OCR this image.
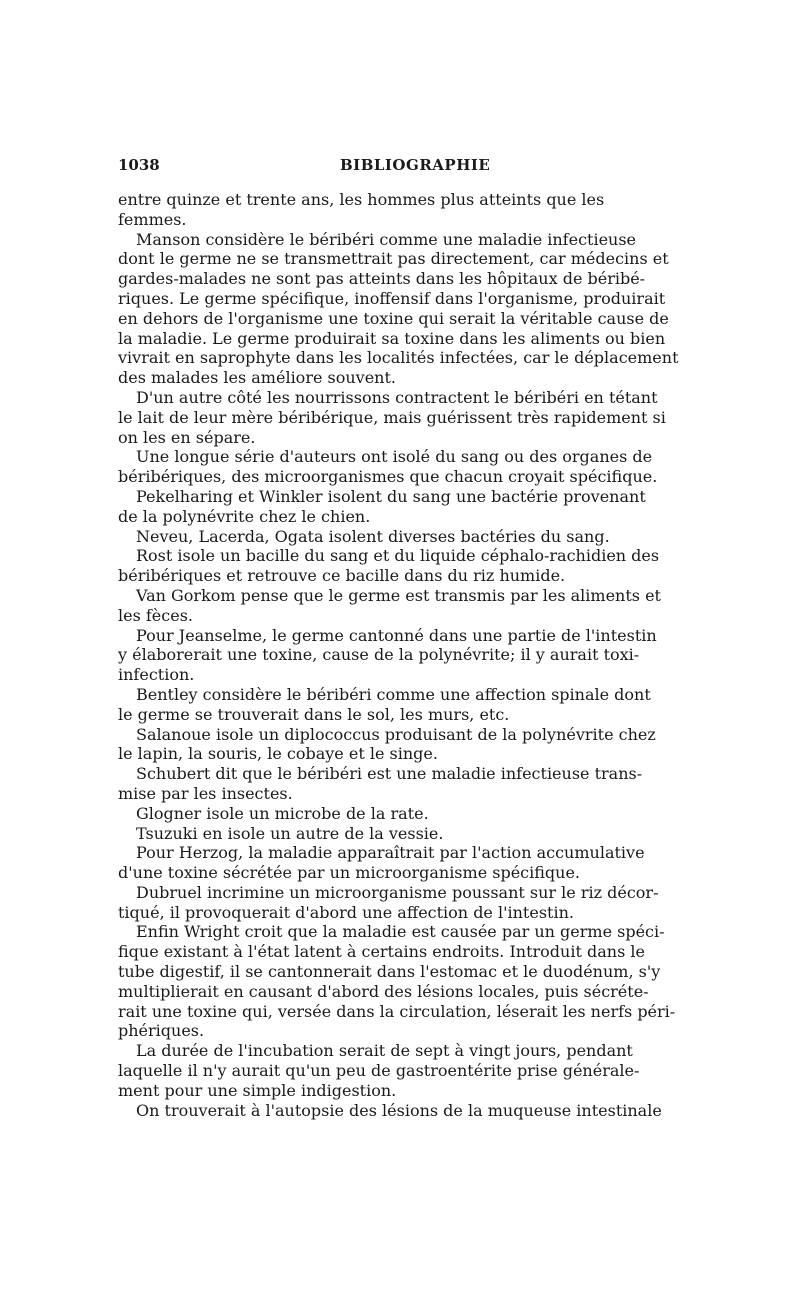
1038	BIBLIOGRAPHIE
entre quinze et trente ans, les hommes plus atteints que les
femmes.
Manson considère le béribéri comme une maladie infectieuse
dont le germe ne se transmettrait pas directement, car médecins et
gardes-malades ne sont pas atteints dans les hôpitaux de béribé-
riques. Le germe spécifique, inoffensif dans l'organisme, produirait
en dehors de l'organisme une toxine qui serait la véritable cause de
la maladie. Le germe produirait sa toxine dans les aliments ou bien
vivrait en saprophyte dans les localités infectées, car le déplacement
des malades les améliore souvent.
D'un autre côté les nourrissons contractent le béribéri en tétant
le lait de leur mère béribérique, mais guérissent très rapidement si
on les en sépare.
Une longue série d'auteurs ont isolé du sang ou des organes de
béribériques, des microorganismes que chacun croyait spécifique.
Pekelharing et Winkler isolent du sang une bactérie provenant
de la polynévrite chez le chien.
Neveu, Lacerda, Ogata isolent diverses bactéries du sang.
Rost isole un bacille du sang et du liquide céphalo-rachidien des
béribériques et retrouve ce bacille dans du riz humide.
Van Gorkom pense que le germe est transmis par les aliments et
les fèces.
Pour Jeanselme, le germe cantonné dans une partie de l'intestin
y élaborerait une toxine, cause de la polynévrite; il y aurait toxi-
infection.
Bentley considère le béribéri comme une affection spinale dont
le germe se trouverait dans le sol, les murs, etc.
Salanoue isole un diplococcus produisant de la polynévrite chez
le lapin, la souris, le cobaye et le singe.
Schubert dit que le béribéri est une maladie infectieuse trans-
mise par les insectes.
Glogner isole un microbe de la rate.
Tsuzuki en isole un autre de la vessie.
Pour Herzog, la maladie apparaîtrait par l'action accumulative
d'une toxine sécrétée par un microorganisme spécifique.
Dubruel incrimine un microorganisme poussant sur le riz décor-
tiqué, il provoquerait d'abord une affection de l'intestin.
Enfin Wright croit que la maladie est causée par un germe spéci-
fique existant à l'état latent à certains endroits. Introduit dans le
tube digestif, il se cantonnerait dans l'estomac et le duodénum, s'y
multiplierait en causant d'abord des lésions locales, puis sécréte-
rait une toxine qui, versée dans la circulation, léserait les nerfs péri-
phériques.
La durée de l'incubation serait de sept à vingt jours, pendant
laquelle il n'y aurait qu'un peu de gastroentérite prise générale-
ment pour une simple indigestion.
On trouverait à l'autopsie des lésions de la muqueuse intestinale
